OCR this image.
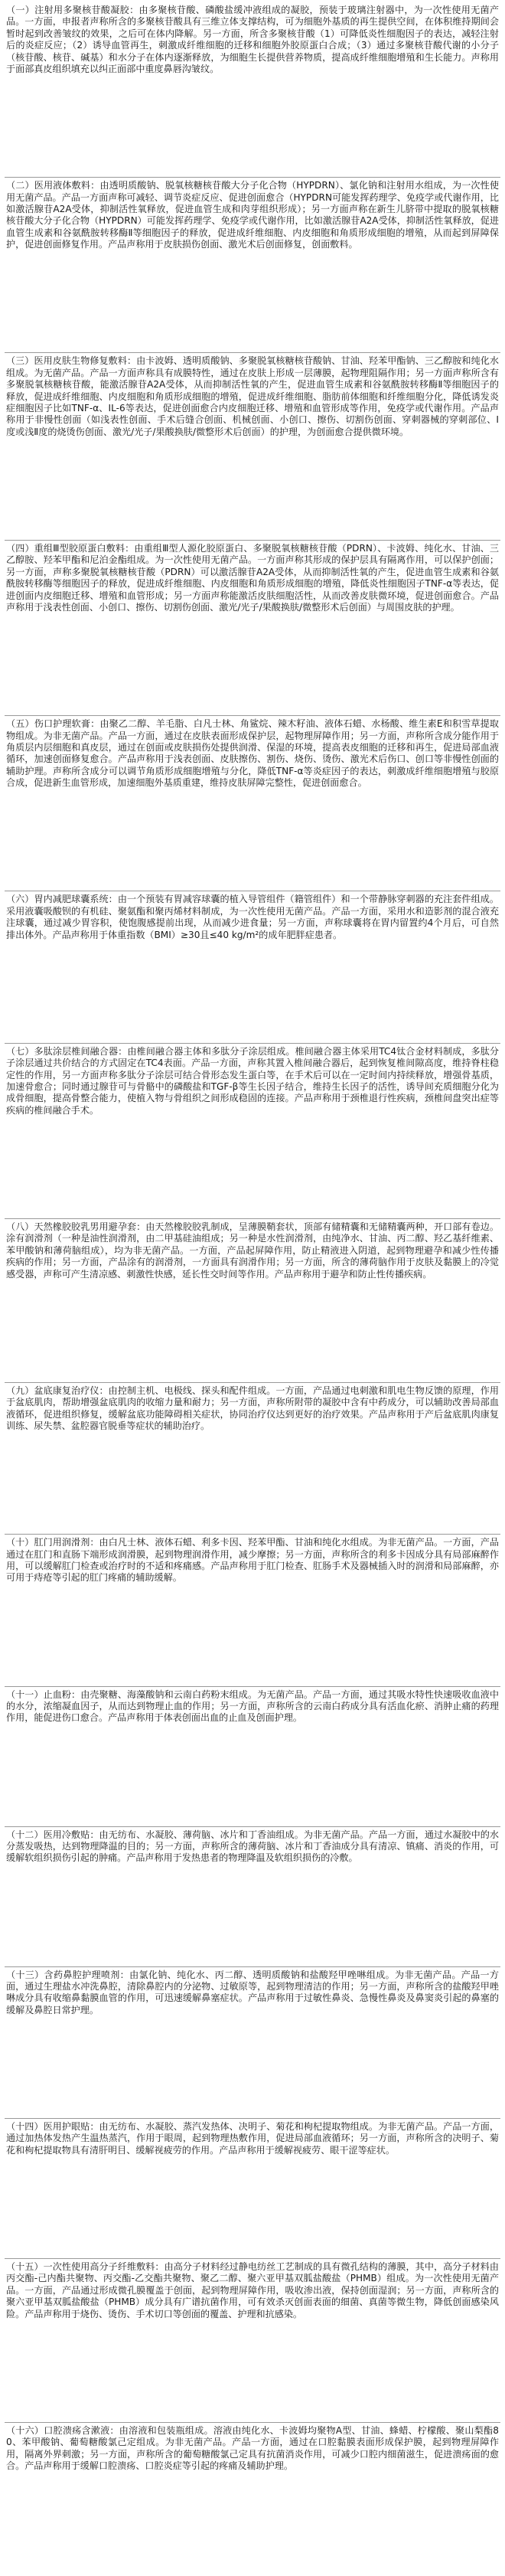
（一）注射用多聚核苷酸凝胶：由多聚核苷酸、磷酸盐缓冲液组成的凝胶，预装于玻璃注射器中，为一次性使用无菌产品。一方面，申报者声称所含的多聚核苷酸具有三维立体支撑结构，可为细胞外基质的再生提供空间，在体积维持期间会暂时起到改善皱纹的效果，之后可在体内降解。另一方面，所含多聚核苷酸（1）可降低炎性细胞因子的表达，减轻注射后的炎症反应；（2）诱导血管再生，刺激成纤维细胞的迁移和细胞外胶原蛋白合成；（3）通过多聚核苷酸代谢的小分子（核苷酸、核苷、碱基）和水分子在体内逐渐释放，为细胞生长提供营养物质，提高成纤维细胞增殖和生长能力。声称用于面部真皮组织填充以纠正面部中重度鼻唇沟皱纹。

（二）医用液体敷料：由透明质酸钠、脱氧核糖核苷酸大分子化合物（HYPDRN）、氯化钠和注射用水组成，为一次性使用无菌产品。产品一方面声称可减轻、调节炎症反应、促进创面愈合（HYPDRN可能发挥药理学、免疫学或代谢作用，比如激活腺苷A2A受体，抑制活性氧释放，促进血管生成和肉芽组织形成）；另一方面声称在新生儿脐带中提取的脱氧核糖核苷酸大分子化合物（HYPDRN）可能发挥药理学、免疫学或代谢作用，比如激活腺苷A2A受体，抑制活性氧释放，促进血管生成素和谷氨酰胺转移酶Ⅱ等细胞因子的释放，促进成纤维细胞、内皮细胞和角质形成细胞的增殖，从而起到屏障保护，促进创面修复作用。产品声称用于皮肤损伤创面、激光术后创面修复，创面敷料。

（三）医用皮肤生物修复敷料：由卡波姆、透明质酸钠、多聚脱氧核糖核苷酸钠、甘油、羟苯甲酯钠、三乙醇胺和纯化水组成。为无菌产品。产品一方面声称具有成膜特性，通过在皮肤上形成一层薄膜，起物理阻隔作用；另一方面声称所含有多聚脱氧核糖核苷酸，能激活腺苷A2A受体，从而抑制活性氧的产生，促进血管生成素和谷氨酰胺转移酶Ⅱ等细胞因子的释放，促进成纤维细胞、内皮细胞和角质形成细胞的增殖，促进成纤维细胞、脂肪前体细胞和纤维细胞分化，降低诱发炎症细胞因子比如TNF-α、IL-6等表达，促进创面愈合内皮细胞迁移、增殖和血管形成等作用，免疫学或代谢作用。产品声称用于非慢性创面（如浅表性创面、手术后缝合创面、机械创面、小创口、擦伤、切割伤创面、穿刺器械的穿刺部位、Ⅰ度或浅Ⅱ度的烧烫伤创面、激光/光子/果酸换肤/微整形术后创面）的护理，为创面愈合提供微环境。

（四）重组Ⅲ型胶原蛋白敷料：由重组Ⅲ型人源化胶原蛋白、多聚脱氧核糖核苷酸（PDRN）、卡波姆、纯化水、甘油、三乙醇胺、羟苯甲酯和尼泊金酯组成。为一次性使用无菌产品。一方面声称其形成的保护层具有隔离作用，可以保护创面；另一方面，声称多聚脱氧核糖核苷酸（PDRN）可以激活腺苷A2A受体，从而抑制活性氧的产生，促进血管生成素和谷氨酰胺转移酶等细胞因子的释放，促进成纤维细胞、内皮细胞和角质形成细胞的增殖，降低炎性细胞因子TNF-α等表达，促进创面内皮细胞迁移、增殖和血管形成；另一方面声称能激活皮肤细胞活性，从而改善皮肤微环境，促进创面愈合。产品声称用于浅表性创面、小创口、擦伤、切割伤创面、激光/光子/果酸换肤/微整形术后创面）与周围皮肤的护理。

（五）伤口护理软膏：由聚乙二醇、羊毛脂、白凡士林、角鲨烷、辣木籽油、液体石蜡、水杨酸、维生素E和积雪草提取物组成。为非无菌产品。产品一方面，通过在皮肤表面形成保护层，起物理屏障作用；另一方面，声称所含成分能作用于角质层内层细胞和真皮层，通过在创面或皮肤损伤处提供润滑、保湿的环境，提高表皮细胞的迁移和再生，促进局部血液循环，加速创面修复愈合。产品声称用于浅表创面、皮肤擦伤、割伤、烧伤、烫伤、激光术后伤口、创口等非慢性创面的辅助护理。声称所含成分可以调节角质形成细胞增殖与分化，降低TNF-α等炎症因子的表达，刺激成纤维细胞增殖与胶原合成，促进新生血管形成，加速细胞外基质重建，维持皮肤屏障完整性，促进创面愈合。

（六）胃内减肥球囊系统：由一个预装有胃减容球囊的植入导管组件（籍管组件）和一个带静脉穿刺器的充注套件组成。采用液囊吸酸钡的有机硅、聚氨酯和聚丙烯材料制成，为一次性使用无菌产品。产品一方面，采用水和造影剂的混合液充注球囊，通过减少胃容积，使饱腹感提前出现，从而减少进食量；另一方面，声称球囊将在胃内留置约4个月后，可自然排出体外。产品声称用于体重指数（BMI）≥30且≤40 kg/m²的成年肥胖症患者。

（七）多肽涂层椎间融合器：由椎间融合器主体和多肽分子涂层组成。椎间融合器主体采用TC4钛合金材料制成，多肽分子涂层通过共价结合的方式固定在TC4表面。产品一方面，声称其置入椎间融合器后，起到恢复椎间隙高度，维持脊柱稳定性的作用，另一方面声称多肽分子涂层可结合骨形态发生蛋白等，在手术后可以在一定时间内持续释放，增强骨基质，加速骨愈合；同时通过腺苷可与骨骼中的磷酸盐和TGF-β等生长因子结合，维持生长因子的活性，诱导间充质细胞分化为成骨细胞，提高骨整合能力，使植入物与骨组织之间形成稳固的连接。产品声称用于颈椎退行性疾病，颈椎间盘突出症等疾病的椎间融合手术。

（八）天然橡胶胶乳男用避孕套：由天然橡胶胶乳制成，呈薄膜鞘套状，顶部有储精囊和无储精囊两种，开口部有卷边。涂有润滑剂（一种是油性润滑剂，由二甲基硅油组成；另一种是水性润滑剂，由纯净水、甘油、丙二醇、羟乙基纤维素、苯甲酸钠和薄荷脑组成），均为非无菌产品。一方面，产品起屏障作用，防止精液进入阴道，起到物理避孕和减少性传播疾病的作用；另一方面，产品涂有的润滑剂，一方面具有润滑作用；另一方面，所含的薄荷脑作用于皮肤及黏膜上的冷觉感受器，声称可产生清凉感、刺激性快感，延长性交时间等作用。产品声称用于避孕和防止性传播疾病。

（九）盆底康复治疗仪：由控制主机、电极线、探头和配件组成。一方面，产品通过电刺激和肌电生物反馈的原理，作用于盆底肌肉，帮助增强盆底肌肉的收缩力量和耐力；另一方面，声称所附带的凝胶中含有中药成分，可以辅助改善局部血液循环，促进组织修复，缓解盆底功能障碍相关症状，协同治疗仪达到更好的治疗效果。产品声称用于产后盆底肌肉康复训练、尿失禁、盆腔器官脱垂等症状的辅助治疗。

（十）肛门用润滑剂：由白凡士林、液体石蜡、利多卡因、羟苯甲酯、甘油和纯化水组成。为非无菌产品。一方面，产品通过在肛门和直肠下端形成润滑膜，起到物理润滑作用，减少摩擦；另一方面，声称所含的利多卡因成分具有局部麻醉作用，可以缓解肛门检查或治疗时的不适和疼痛感。产品声称用于肛门检查、肛肠手术及器械插入时的润滑和局部麻醉，亦可用于痔疮等引起的肛门疼痛的辅助缓解。

（十一）止血粉：由壳聚糖、海藻酸钠和云南白药粉末组成。为无菌产品。产品一方面，通过其吸水特性快速吸收血液中的水分，浓缩凝血因子，从而达到物理止血的作用；另一方面，声称所含的云南白药成分具有活血化瘀、消肿止痛的药理作用，能促进伤口愈合。产品声称用于体表创面出血的止血及创面护理。

（十二）医用冷敷贴：由无纺布、水凝胶、薄荷脑、冰片和丁香油组成。为非无菌产品。产品一方面，通过水凝胶中的水分蒸发吸热，达到物理降温的目的；另一方面，声称所含的薄荷脑、冰片和丁香油成分具有清凉、镇痛、消炎的作用，可缓解软组织损伤引起的肿痛。产品声称用于发热患者的物理降温及软组织损伤的冷敷。

（十三）含药鼻腔护理喷剂：由氯化钠、纯化水、丙二醇、透明质酸钠和盐酸羟甲唑啉组成。为非无菌产品。产品一方面，通过生理盐水冲洗鼻腔，清除鼻腔内的分泌物、过敏原等，起到物理清洁的作用；另一方面，声称所含的盐酸羟甲唑啉成分具有收缩鼻黏膜血管的作用，可迅速缓解鼻塞症状。产品声称用于过敏性鼻炎、急慢性鼻炎及鼻窦炎引起的鼻塞的缓解及鼻腔日常护理。

（十四）医用护眼贴：由无纺布、水凝胶、蒸汽发热体、决明子、菊花和枸杞提取物组成。为非无菌产品。产品一方面，通过加热体发热产生温热蒸汽，作用于眼周，起到物理热敷作用，促进局部血液循环；另一方面，声称所含的决明子、菊花和枸杞提取物具有清肝明目、缓解视疲劳的作用。产品声称用于缓解视疲劳、眼干涩等症状。

（十五）一次性使用高分子纤维敷料：由高分子材料经过静电纺丝工艺制成的具有微孔结构的薄膜，其中，高分子材料由丙交酯-己内酯共聚物、丙交酯-乙交酯共聚物、聚乙二醇、聚六亚甲基双胍盐酸盐（PHMB）组成。为一次性使用无菌产品。一方面，产品通过形成微孔膜覆盖于创面，起到物理屏障作用，吸收渗出液，保持创面湿润；另一方面，声称所含的聚六亚甲基双胍盐酸盐（PHMB）成分具有广谱抗菌作用，可有效杀灭创面表面的细菌、真菌等微生物，降低创面感染风险。产品声称用于烧伤、烫伤、手术切口等创面的覆盖、护理和抗感染。

（十六）口腔溃疡含漱液：由溶液和包装瓶组成。溶液由纯化水、卡波姆均聚物A型、甘油、蜂蜡、柠檬酸、聚山梨酯80、苯甲酸钠、葡萄糖酸氯己定组成。为非无菌产品。产品一方面，通过在口腔黏膜表面形成保护膜，起到物理屏障作用，隔离外界刺激；另一方面，声称所含的葡萄糖酸氯己定具有抗菌消炎作用，可减少口腔内细菌滋生，促进溃疡面的愈合。产品声称用于缓解口腔溃疡、口腔炎症等引起的疼痛及辅助护理。
